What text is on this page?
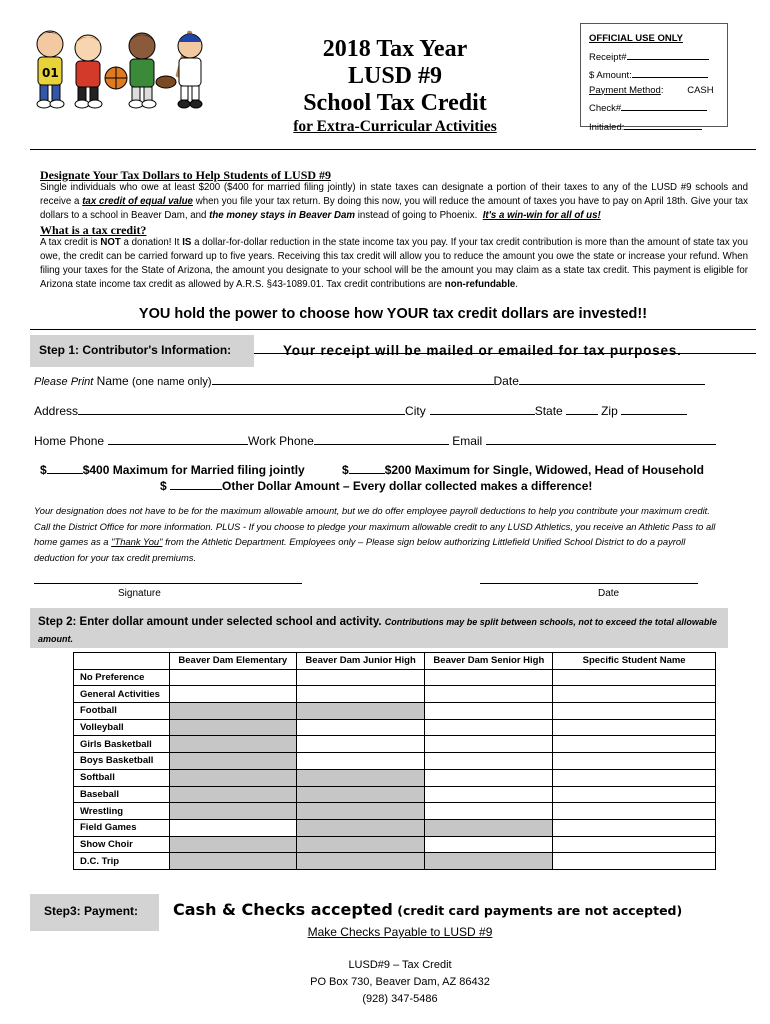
01
2018 Tax Year
LUSD #9
School Tax Credit
for Extra-Curricular Activities
OFFICIAL USE ONLY
Receipt#
$ Amount:
Payment Method:         CASH
Check#
Initialed:
Designate Your Tax Dollars to Help Students of LUSD #9
Single individuals who owe at least $200 ($400 for married filing jointly) in state taxes can designate a portion of their taxes to any of the LUSD #9 schools and receive a tax credit of equal value when you file your tax return. By doing this now, you will reduce the amount of taxes you have to pay on April 18th. Give your tax dollars to a school in Beaver Dam, and the money stays in Beaver Dam instead of going to Phoenix. It's a win-win for all of us!
What is a tax credit?
A tax credit is NOT a donation! It IS a dollar-for-dollar reduction in the state income tax you pay. If your tax credit contribution is more than the amount of state tax you owe, the credit can be carried forward up to five years. Receiving this tax credit will allow you to reduce the amount you owe the state or increase your refund. When filing your taxes for the State of Arizona, the amount you designate to your school will be the amount you may claim as a state tax credit. This payment is eligible for Arizona state income tax credit as allowed by A.R.S. §43-1089.01. Tax credit contributions are non-refundable.
YOU hold the power to choose how YOUR tax credit dollars are invested!!
Step 1: Contributor's Information:	Your receipt will be mailed or emailed for tax purposes.
Please Print Name (one name only)	Date
Address	City	State	Zip
Home Phone	Work Phone	Email
$	$400 Maximum for Married filing jointly	$	$200 Maximum for Single, Widowed, Head of Household
$	Other Dollar Amount – Every dollar collected makes a difference!
Your designation does not have to be for the maximum allowable amount, but we do offer employee payroll deductions to help you contribute your maximum credit. Call the District Office for more information. PLUS - If you choose to pledge your maximum allowable credit to any LUSD Athletics, you receive an Athletic Pass to all home games as a "Thank You" from the Athletic Department. Employees only – Please sign below authorizing Littlefield Unified School District to do a payroll deduction for your tax credit premiums.
Signature	Date
Step 2: Enter dollar amount under selected school and activity. Contributions may be split between schools, not to exceed the total allowable amount.
	Beaver Dam Elementary	Beaver Dam Junior High	Beaver Dam Senior High	Specific Student Name
No Preference				
General Activities				
Football				
Volleyball				
Girls Basketball				
Boys Basketball				
Softball				
Baseball				
Wrestling				
Field Games				
Show Choir				
D.C. Trip				
Step3: Payment:	Cash & Checks accepted (credit card payments are not accepted)
Make Checks Payable to LUSD #9
LUSD#9 – Tax Credit
PO Box 730, Beaver Dam, AZ 86432
(928) 347-5486
